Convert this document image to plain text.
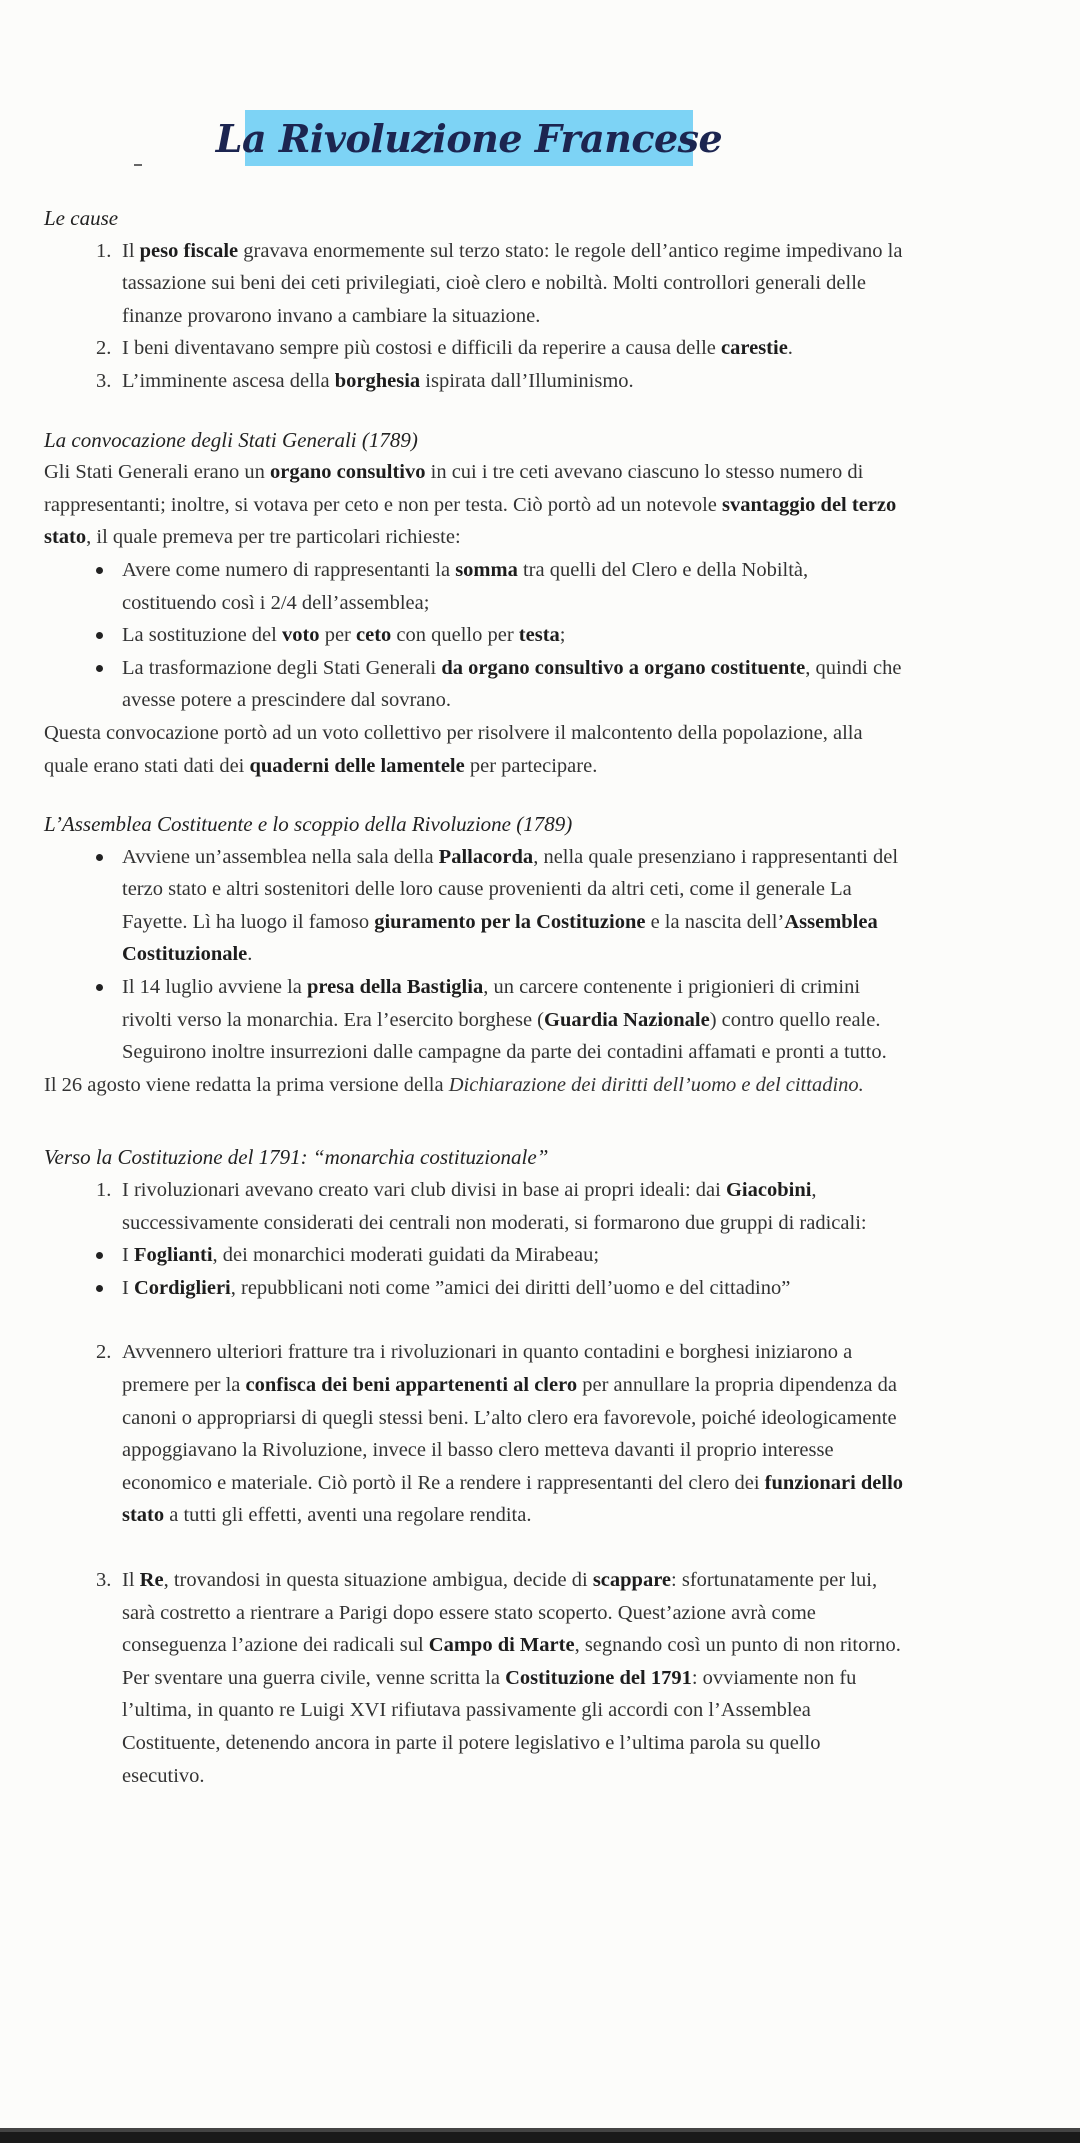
La Rivoluzione Francese
Le cause
1. Il peso fiscale gravava enormemente sul terzo stato: le regole dell’antico regime impedivano la tassazione sui beni dei ceti privilegiati, cioè clero e nobiltà. Molti controllori generali delle finanze provarono invano a cambiare la situazione.
2. I beni diventavano sempre più costosi e difficili da reperire a causa delle carestie.
3. L’imminente ascesa della borghesia ispirata dall’Illuminismo.
La convocazione degli Stati Generali (1789)

Gli Stati Generali erano un organo consultivo in cui i tre ceti avevano ciascuno lo stesso numero di rappresentanti; inoltre, si votava per ceto e non per testa. Ciò portò ad un notevole svantaggio del terzo stato, il quale premeva per tre particolari richieste:

Avere come numero di rappresentanti la somma tra quelli del Clero e della Nobiltà, costituendo così i 2/4 dell’assemblea;
La sostituzione del voto per ceto con quello per testa;
La trasformazione degli Stati Generali da organo consultivo a organo costituente, quindi che avesse potere a prescindere dal sovrano.

Questa convocazione portò ad un voto collettivo per risolvere il malcontento della popolazione, alla quale erano stati dati dei quaderni delle lamentele per partecipare.

L’Assemblea Costituente e lo scoppio della Rivoluzione (1789)
Avviene un’assemblea nella sala della Pallacorda, nella quale presenziano i rappresentanti del terzo stato e altri sostenitori delle loro cause provenienti da altri ceti, come il generale La Fayette. Lì ha luogo il famoso giuramento per la Costituzione e la nascita dell’Assemblea Costituzionale.
Il 14 luglio avviene la presa della Bastiglia, un carcere contenente i prigionieri di crimini rivolti verso la monarchia. Era l’esercito borghese (Guardia Nazionale) contro quello reale. Seguirono inoltre insurrezioni dalle campagne da parte dei contadini affamati e pronti a tutto.

Il 26 agosto viene redatta la prima versione della Dichiarazione dei diritti dell’uomo e del cittadino.

Verso la Costituzione del 1791: “monarchia costituzionale”
1. I rivoluzionari avevano creato vari club divisi in base ai propri ideali: dai Giacobini, successivamente considerati dei centrali non moderati, si formarono due gruppi di radicali:
I Foglianti, dei monarchici moderati guidati da Mirabeau;
I Cordiglieri, repubblicani noti come ”amici dei diritti dell’uomo e del cittadino”
2. Avvennero ulteriori fratture tra i rivoluzionari in quanto contadini e borghesi iniziarono a premere per la confisca dei beni appartenenti al clero per annullare la propria dipendenza da canoni o appropriarsi di quegli stessi beni. L’alto clero era favorevole, poiché ideologicamente appoggiavano la Rivoluzione, invece il basso clero metteva davanti il proprio interesse economico e materiale. Ciò portò il Re a rendere i rappresentanti del clero dei funzionari dello stato a tutti gli effetti, aventi una regolare rendita.
3. Il Re, trovandosi in questa situazione ambigua, decide di scappare: sfortunatamente per lui, sarà costretto a rientrare a Parigi dopo essere stato scoperto. Quest’azione avrà come conseguenza l’azione dei radicali sul Campo di Marte, segnando così un punto di non ritorno. Per sventare una guerra civile, venne scritta la Costituzione del 1791: ovviamente non fu l’ultima, in quanto re Luigi XVI rifiutava passivamente gli accordi con l’Assemblea Costituente, detenendo ancora in parte il potere legislativo e l’ultima parola su quello esecutivo.
